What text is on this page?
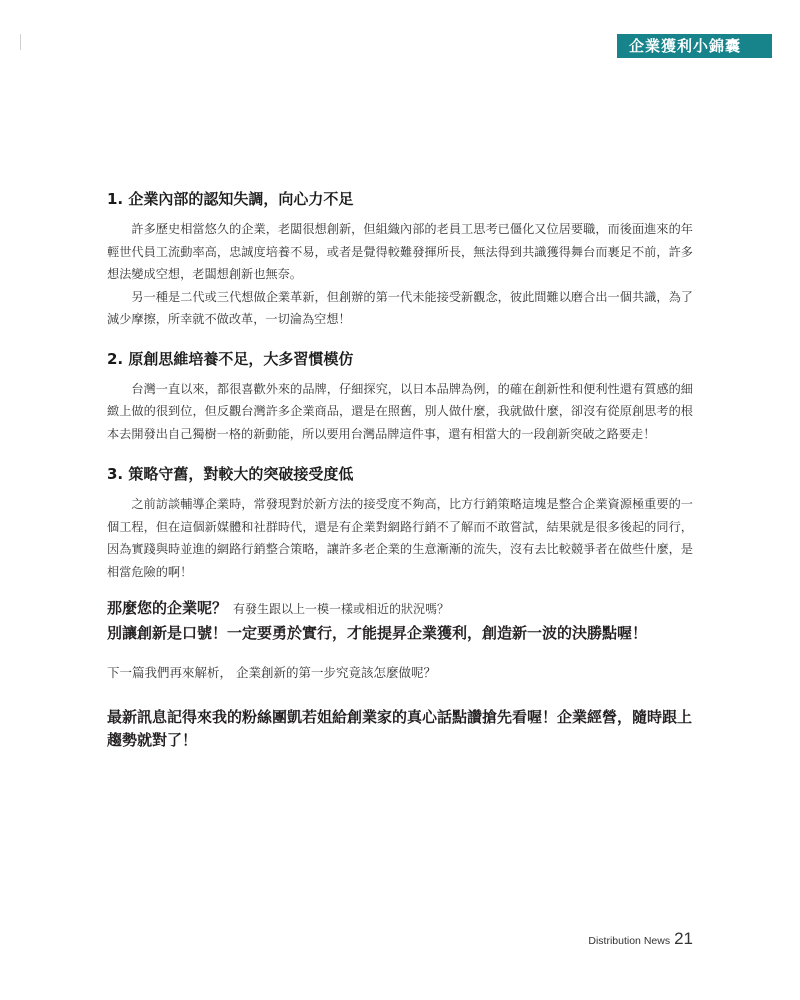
企業獲利小錦囊
1. 企業內部的認知失調，向心力不足

許多歷史相當悠久的企業，老闆很想創新，但組織內部的老員工思考已僵化又位居要職，而後面進來的年輕世代員工流動率高，忠誠度培養不易，或者是覺得較難發揮所長，無法得到共識獲得舞台而裹足不前，許多想法變成空想，老闆想創新也無奈。

另一種是二代或三代想做企業革新，但創辦的第一代未能接受新觀念，彼此間難以磨合出一個共識，為了減少摩擦，所幸就不做改革，一切淪為空想！

2. 原創思維培養不足，大多習慣模仿

台灣一直以來，都很喜歡外來的品牌，仔細探究，以日本品牌為例，的確在創新性和便利性還有質感的細緻上做的很到位，但反觀台灣許多企業商品，還是在照舊，別人做什麼，我就做什麼，卻沒有從原創思考的根本去開發出自己獨樹一格的新動能，所以要用台灣品牌這件事，還有相當大的一段創新突破之路要走！

3. 策略守舊，對較大的突破接受度低

之前訪談輔導企業時，常發現對於新方法的接受度不夠高，比方行銷策略這塊是整合企業資源極重要的一個工程，但在這個新媒體和社群時代，還是有企業對網路行銷不了解而不敢嘗試，結果就是很多後起的同行，因為實踐與時並進的網路行銷整合策略，讓許多老企業的生意漸漸的流失，沒有去比較競爭者在做些什麼，是相當危險的啊！

那麼您的企業呢？ 有發生跟以上一模一樣或相近的狀況嗎？

別讓創新是口號！一定要勇於實行，才能提昇企業獲利，創造新一波的決勝點喔！

下一篇我們再來解析， 企業創新的第一步究竟該怎麼做呢？
最新訊息記得來我的粉絲團凱若姐給創業家的真心話點讚搶先看喔！企業經營，隨時跟上趨勢就對了！
Distribution News 21
